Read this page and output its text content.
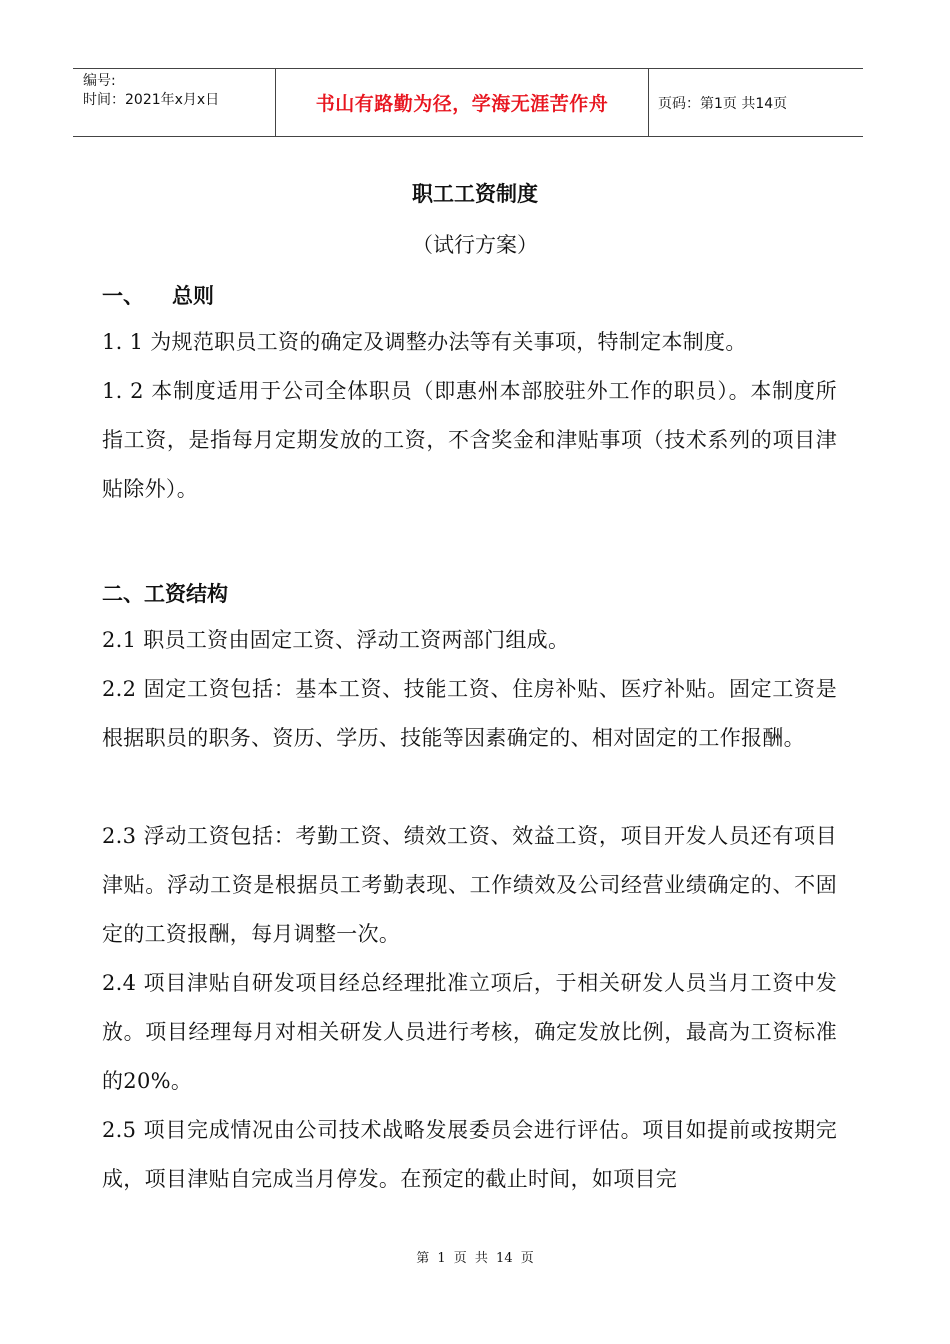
编号:
时间：2021年x月x日	书山有路勤为径，学海无涯苦作舟	页码：第1页 共14页
职工工资制度
（试行方案）
一、 总则
1. 1 为规范职员工资的确定及调整办法等有关事项，特制定本制度。
1. 2 本制度适用于公司全体职员（即惠州本部胶驻外工作的职员）。本制度所指工资，是指每月定期发放的工资，不含奖金和津贴事项（技术系列的项目津贴除外）。
二、工资结构
2.1 职员工资由固定工资、浮动工资两部门组成。
2.2 固定工资包括：基本工资、技能工资、住房补贴、医疗补贴。固定工资是根据职员的职务、资历、学历、技能等因素确定的、相对固定的工作报酬。
2.3 浮动工资包括：考勤工资、绩效工资、效益工资，项目开发人员还有项目津贴。浮动工资是根据员工考勤表现、工作绩效及公司经营业绩确定的、不固定的工资报酬，每月调整一次。
2.4 项目津贴自研发项目经总经理批准立项后，于相关研发人员当月工资中发放。项目经理每月对相关研发人员进行考核，确定发放比例，最高为工资标准的20%。
2.5 项目完成情况由公司技术战略发展委员会进行评估。项目如提前或按期完成，项目津贴自完成当月停发。在预定的截止时间，如项目完
第 1 页 共 14 页
